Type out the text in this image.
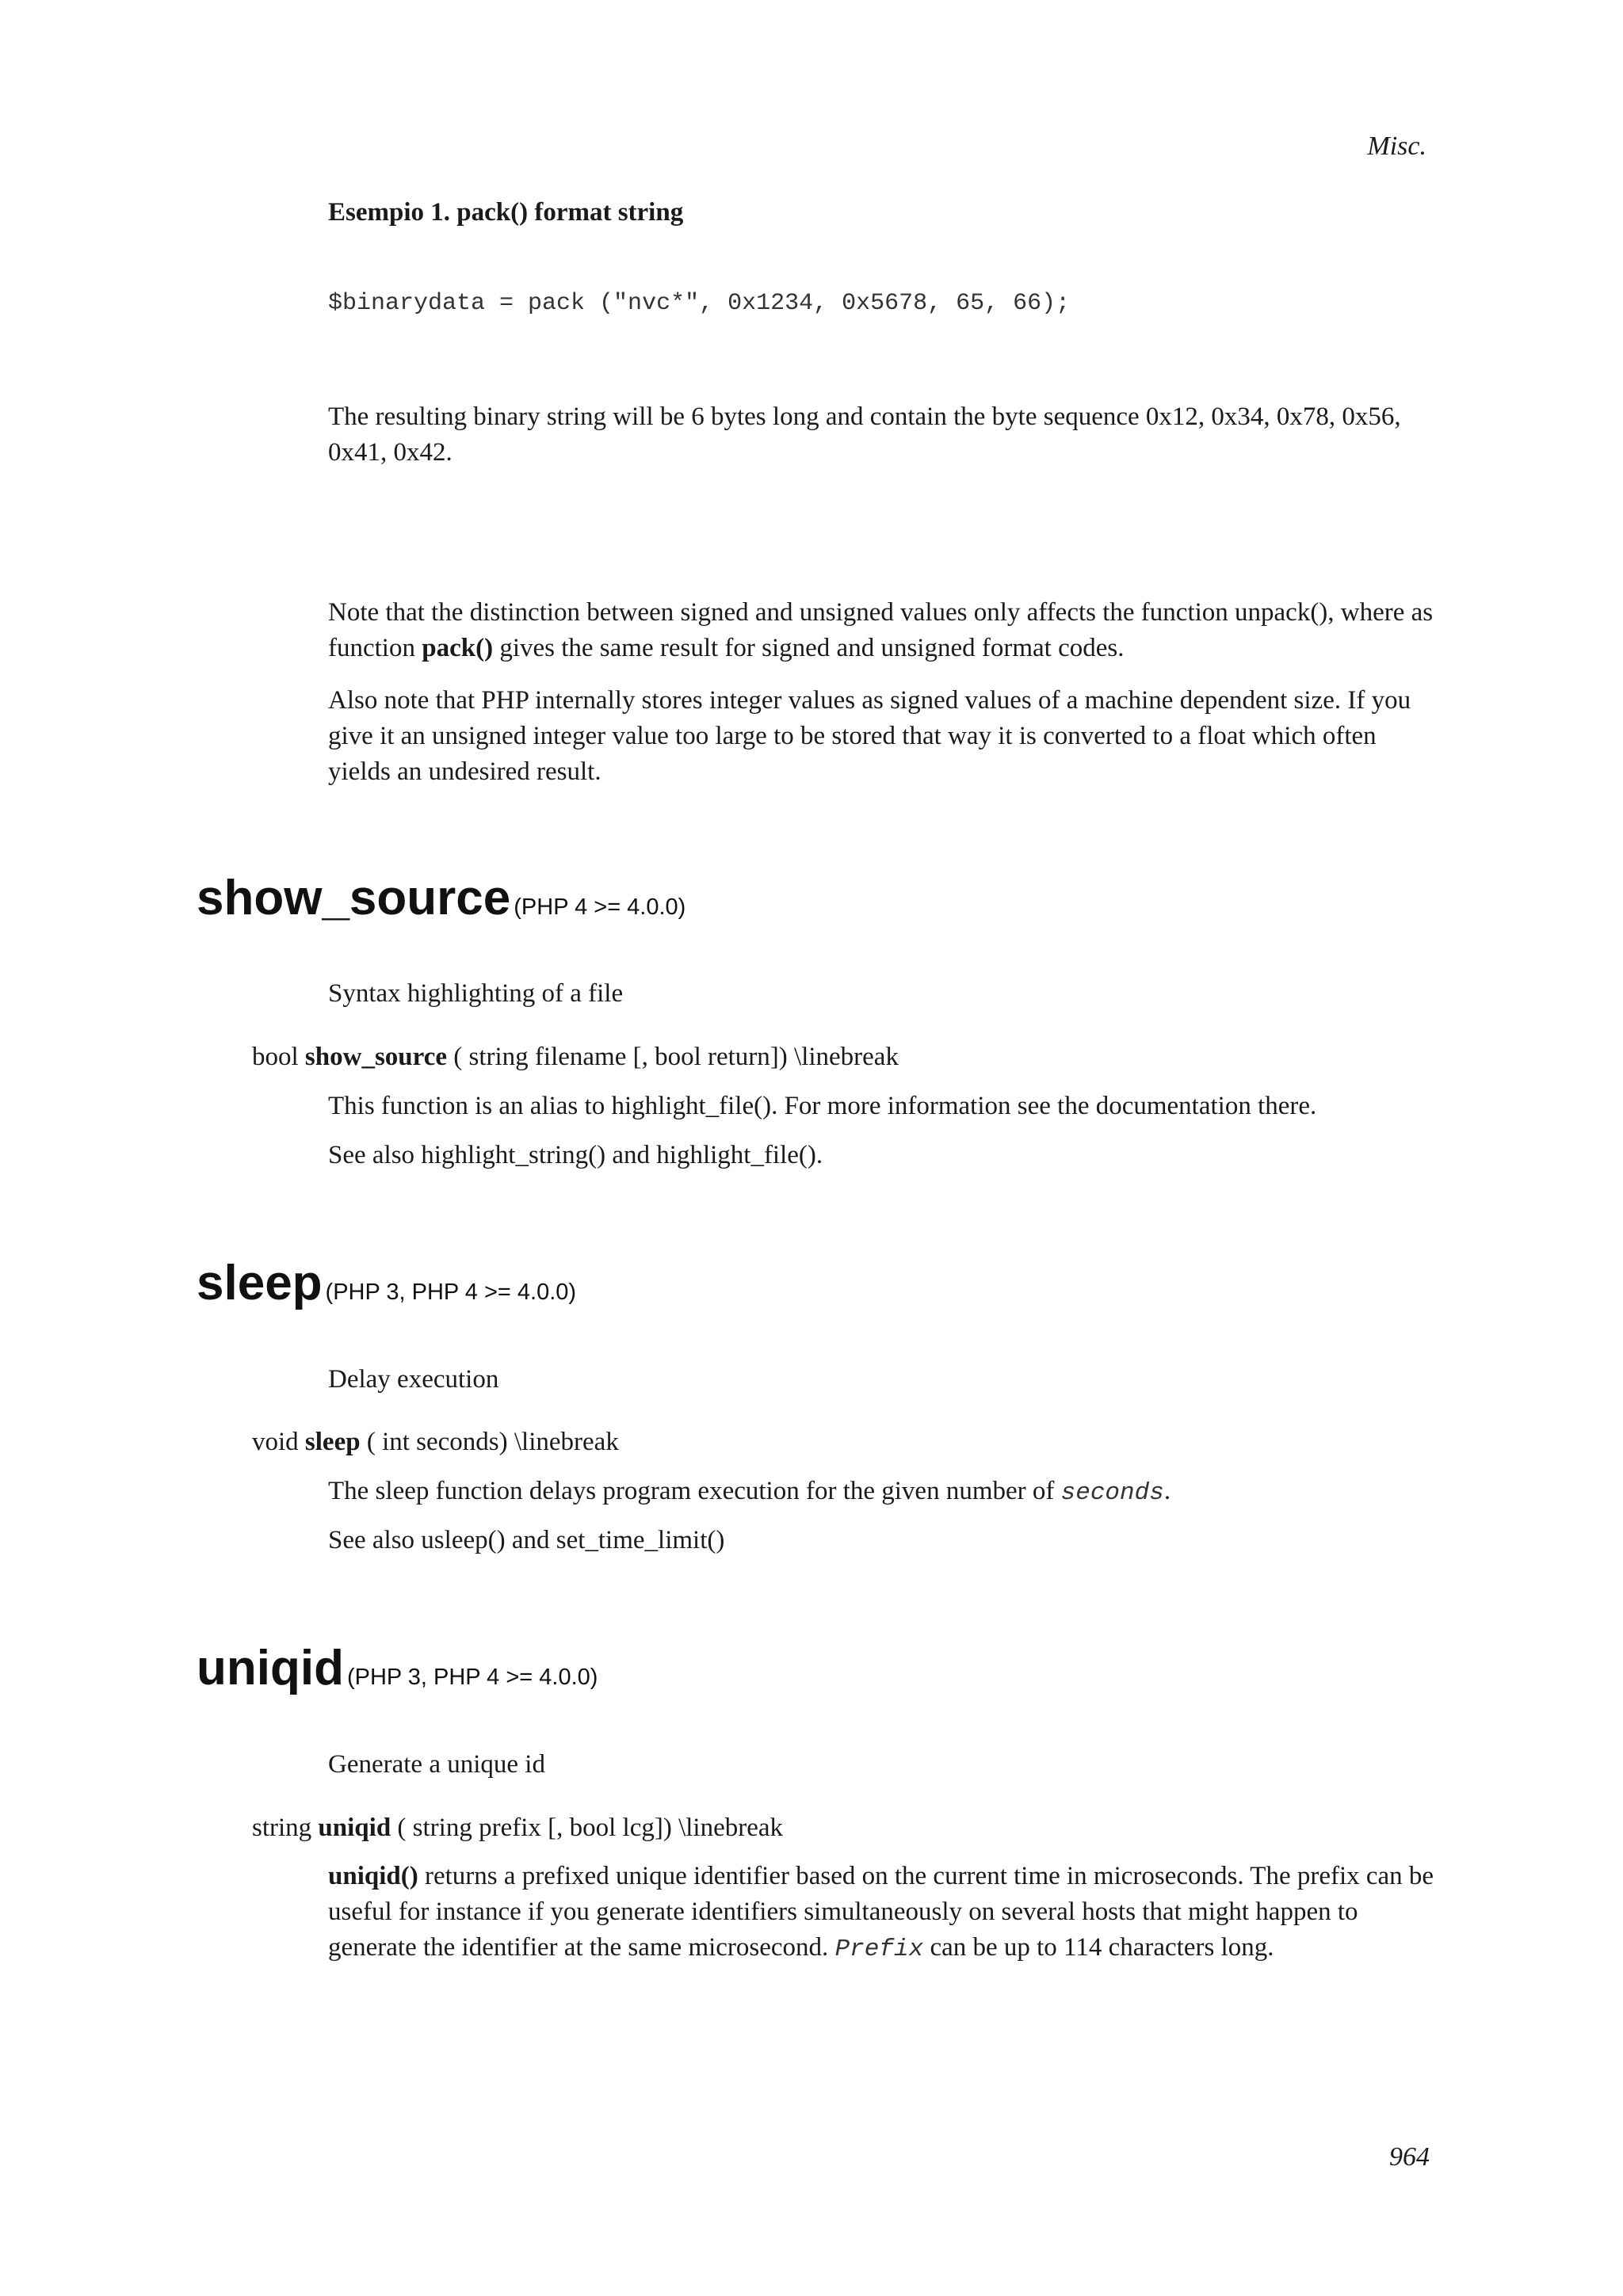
Misc.
Esempio 1. pack() format string
$binarydata = pack ("nvc*", 0x1234, 0x5678, 65, 66);
The resulting binary string will be 6 bytes long and contain the byte sequence 0x12, 0x34, 0x78, 0x56, 0x41, 0x42.
Note that the distinction between signed and unsigned values only affects the function unpack(), where as function pack() gives the same result for signed and unsigned format codes.
Also note that PHP internally stores integer values as signed values of a machine dependent size. If you give it an unsigned integer value too large to be stored that way it is converted to a float which often yields an undesired result.
show_source (PHP 4 >= 4.0.0)
Syntax highlighting of a file
bool show_source ( string filename [, bool return]) \linebreak
This function is an alias to highlight_file(). For more information see the documentation there.
See also highlight_string() and highlight_file().
sleep (PHP 3, PHP 4 >= 4.0.0)
Delay execution
void sleep ( int seconds) \linebreak
The sleep function delays program execution for the given number of seconds.
See also usleep() and set_time_limit()
uniqid (PHP 3, PHP 4 >= 4.0.0)
Generate a unique id
string uniqid ( string prefix [, bool lcg]) \linebreak
uniqid() returns a prefixed unique identifier based on the current time in microseconds. The prefix can be useful for instance if you generate identifiers simultaneously on several hosts that might happen to generate the identifier at the same microsecond. Prefix can be up to 114 characters long.
964
